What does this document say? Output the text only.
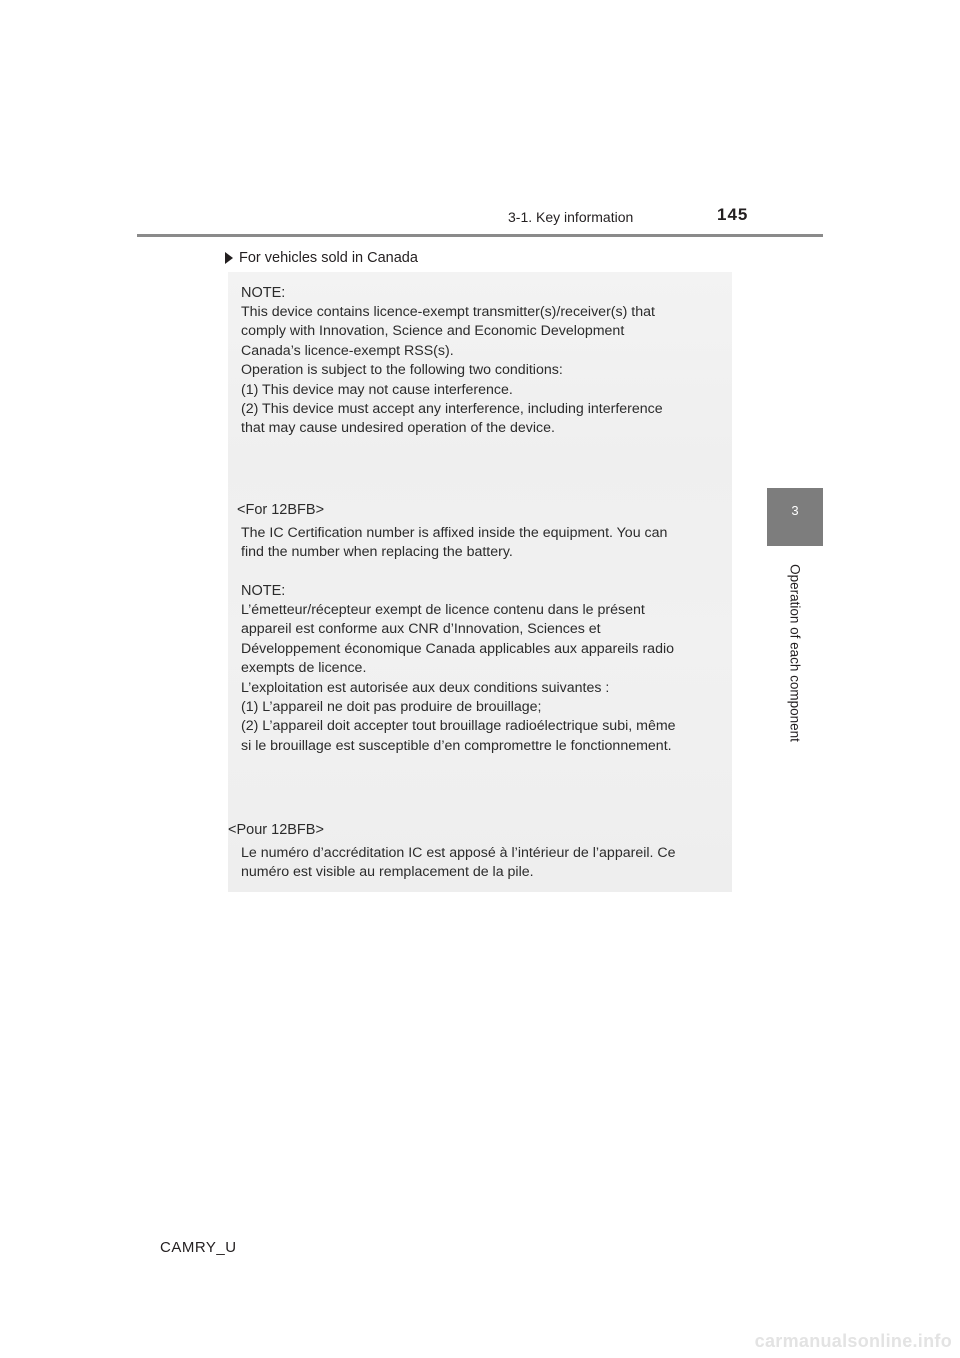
3-1. Key information	145
3
Operation of each component
For vehicles sold in Canada
NOTE:
This device contains licence-exempt transmitter(s)/receiver(s) that
comply with Innovation, Science and Economic Development
Canada’s licence-exempt RSS(s).
Operation is subject to the following two conditions:
(1) This device may not cause interference.
(2) This device must accept any interference, including interference
that may cause undesired operation of the device.
<For 12BFB>
The IC Certification number is affixed inside the equipment. You can
find the number when replacing the battery.
NOTE:
L’émetteur/récepteur exempt de licence contenu dans le présent
appareil est conforme aux CNR d’Innovation, Sciences et
Développement économique Canada applicables aux appareils radio
exempts de licence.
L’exploitation est autorisée aux deux conditions suivantes :
(1) L’appareil ne doit pas produire de brouillage;
(2) L’appareil doit accepter tout brouillage radioélectrique subi, même
si le brouillage est susceptible d’en compromettre le fonctionnement.
<Pour 12BFB>
Le numéro d’accréditation IC est apposé à l’intérieur de l’appareil. Ce
numéro est visible au remplacement de la pile.
CAMRY_U
carmanualsonline.info
